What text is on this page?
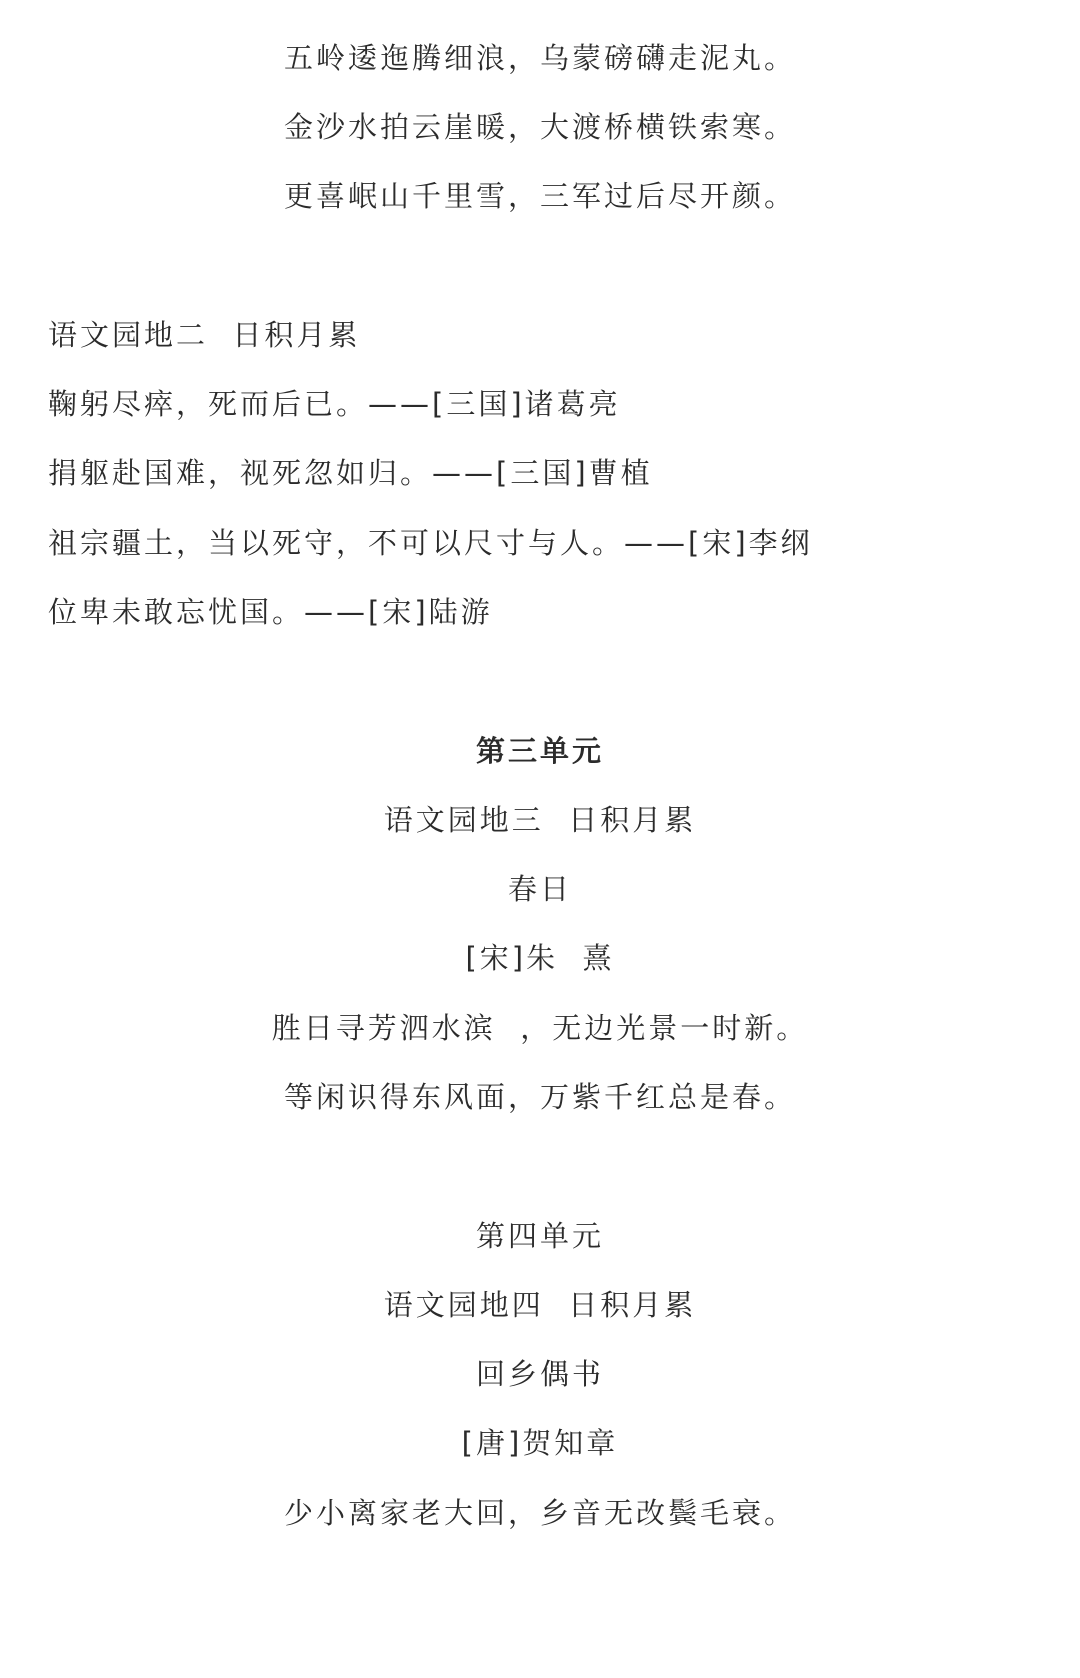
五岭逶迤腾细浪，乌蒙磅礴走泥丸。
金沙水拍云崖暖，大渡桥横铁索寒。
更喜岷山千里雪，三军过后尽开颜。
语文园地二  日积月累
鞠躬尽瘁，死而后已。——[三国]诸葛亮
捐躯赴国难，视死忽如归。——[三国]曹植
祖宗疆土，当以死守，不可以尺寸与人。——[宋]李纲
位卑未敢忘忧国。——[宋]陆游
第三单元
语文园地三  日积月累
春日
[宋]朱  熹
胜日寻芳泗水滨  ，无边光景一时新。
等闲识得东风面，万紫千红总是春。
第四单元
语文园地四  日积月累
回乡偶书
[唐]贺知章
少小离家老大回，乡音无改鬓毛衰。
